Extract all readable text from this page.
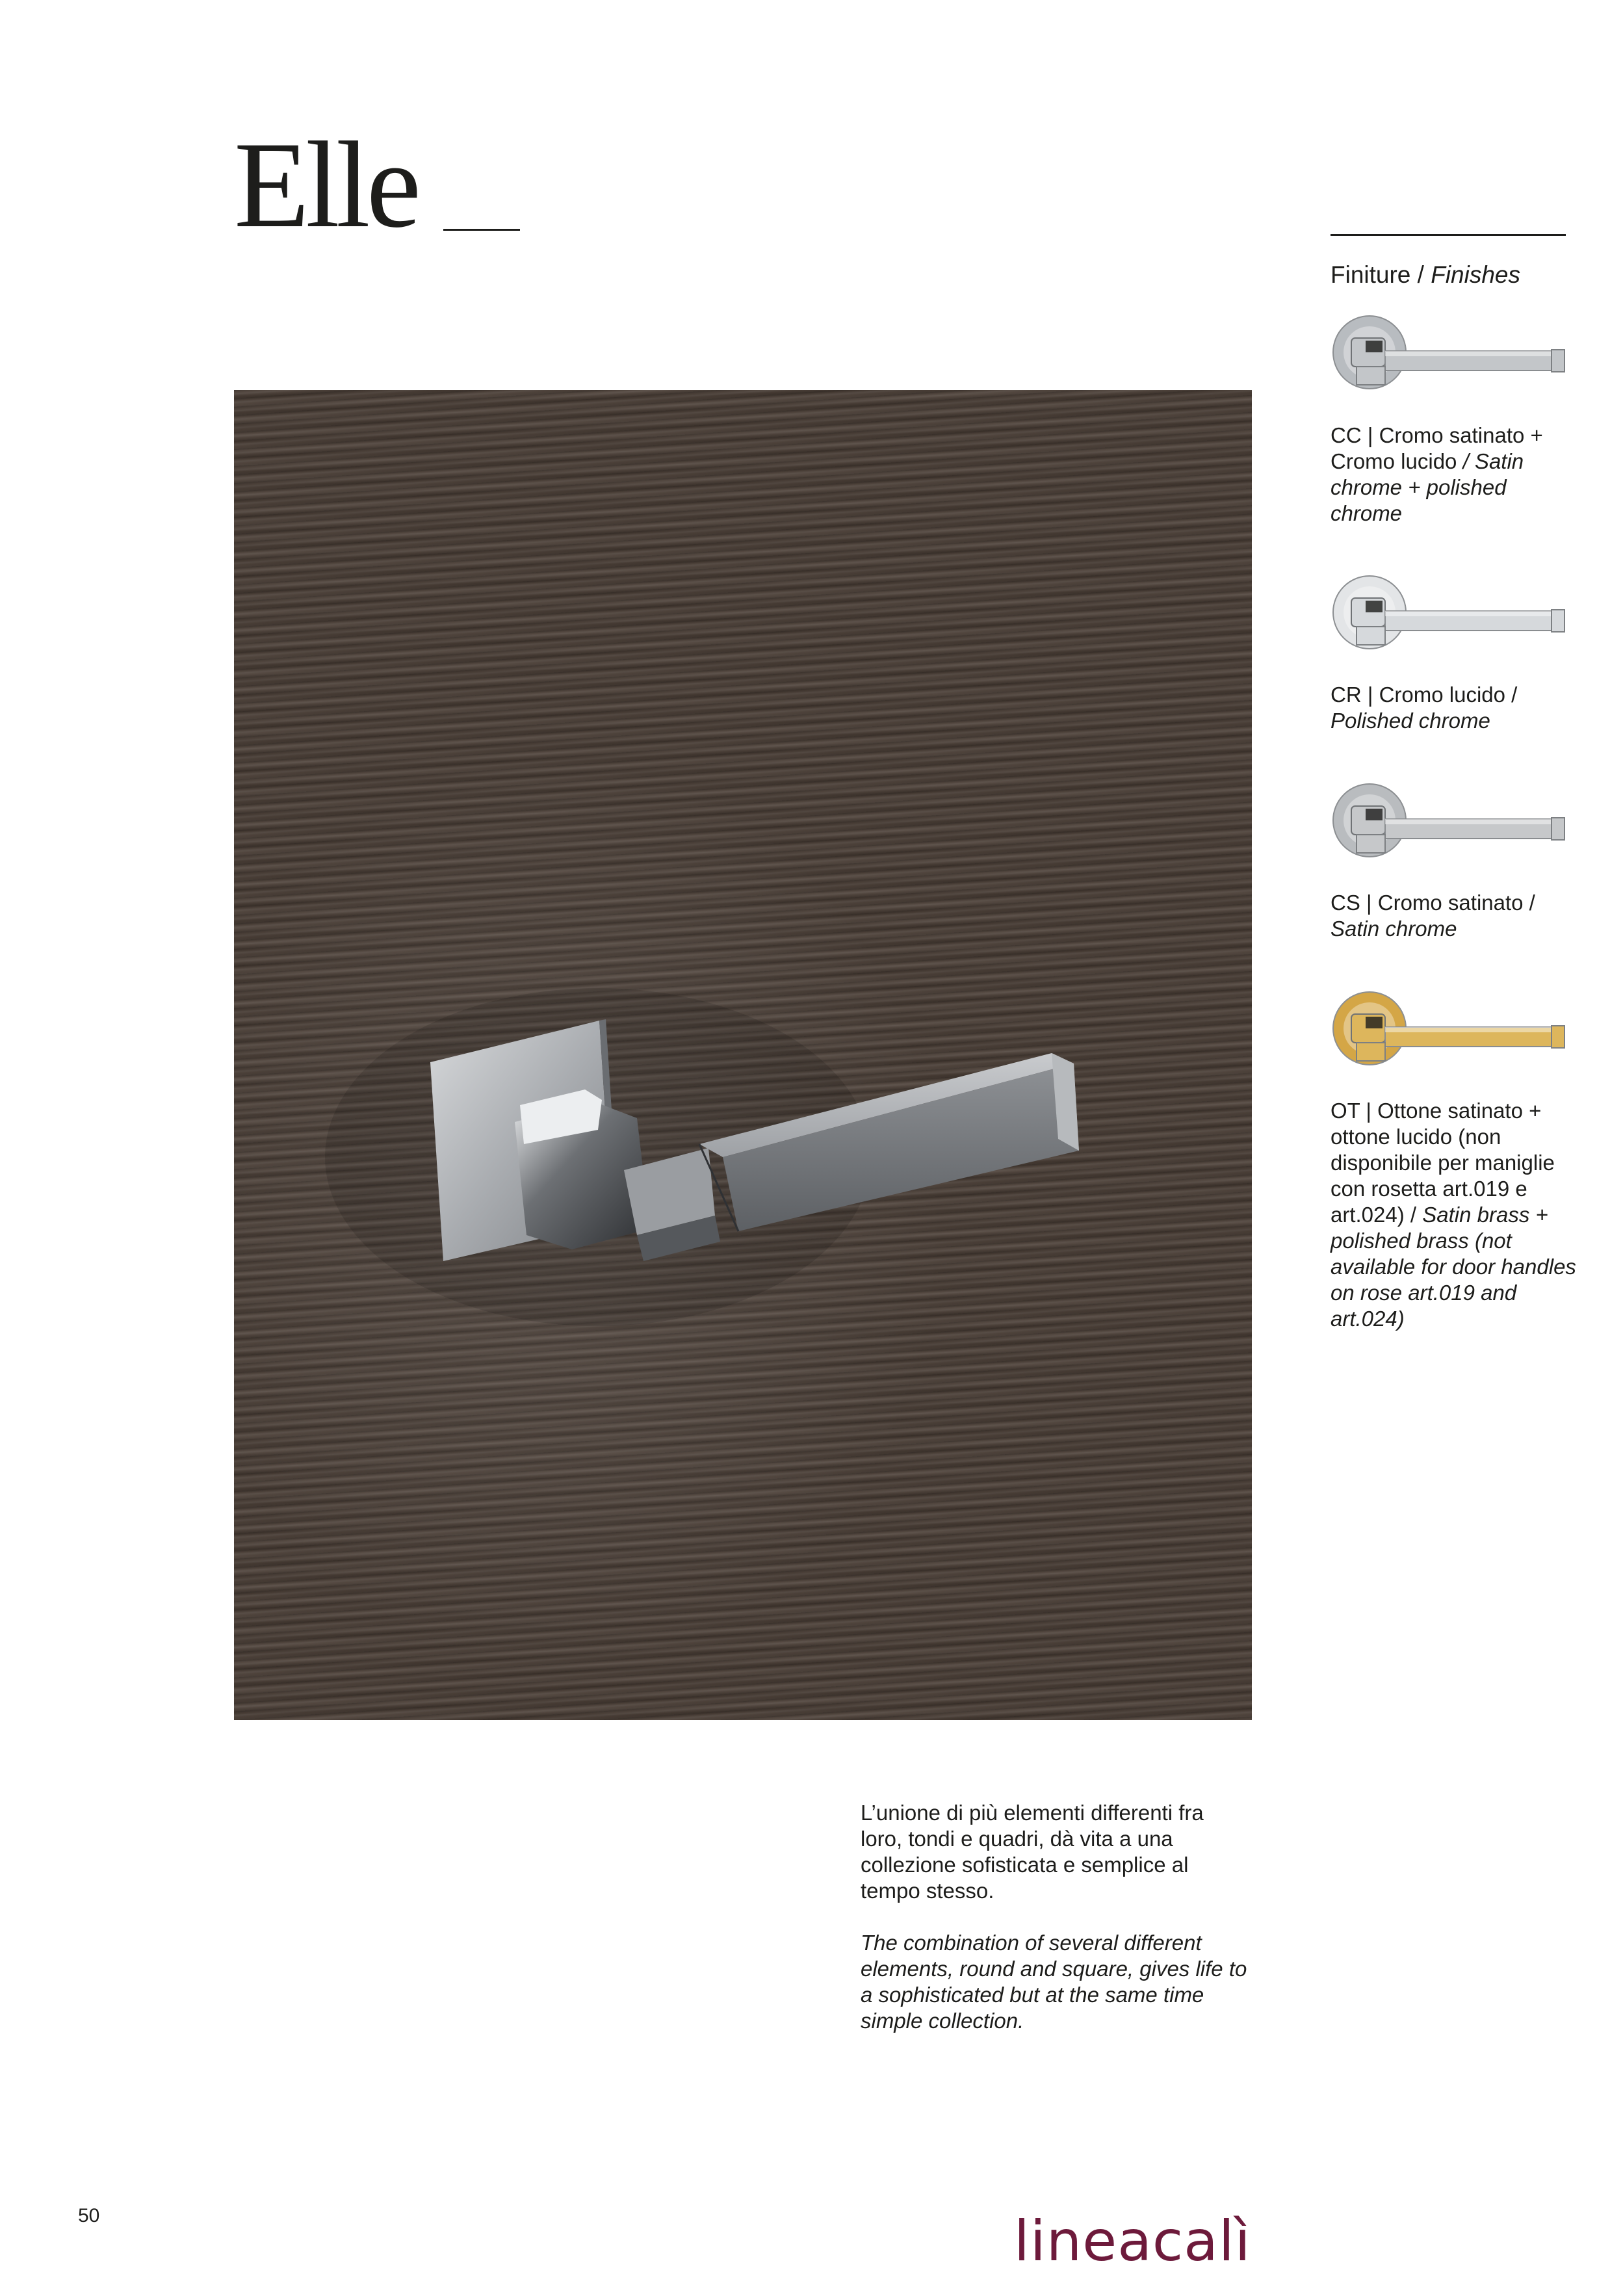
Elle
Finiture / Finishes
CC | Cromo satinato + Cromo lucido / Satin chrome + polished chrome
CR | Cromo lucido / Polished chrome
CS | Cromo satinato / Satin chrome
OT | Ottone satinato + ottone lucido (non disponibile per maniglie con rosetta art.019 e art.024) / Satin brass + polished brass (not available for door handles on rose art.019 and art.024)

L’unione di più elementi differenti fra loro, tondi e quadri, dà vita a una collezione sofisticata e semplice al tempo stesso.

The combination of several different elements, round and square, gives life to a sophisticated but at the same time simple collection.

50	lineacalì
